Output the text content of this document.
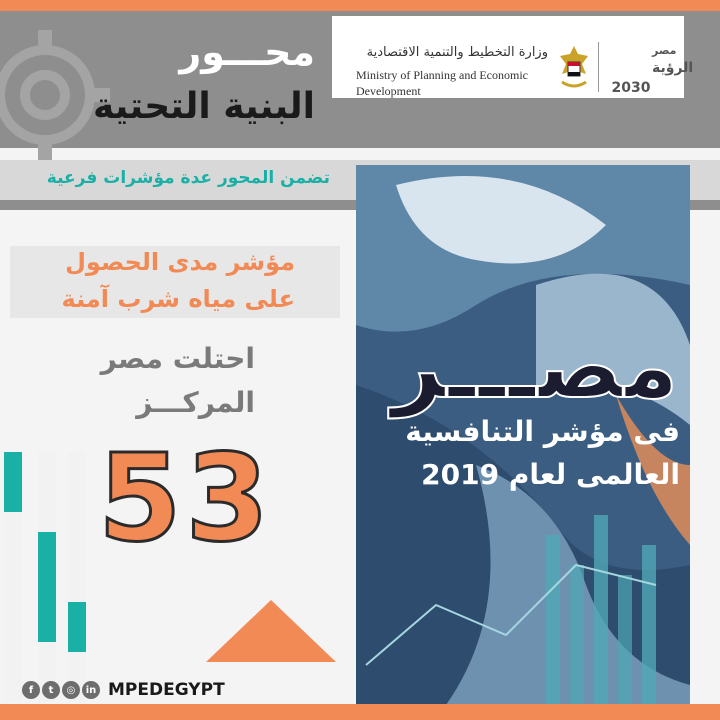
محـــور
البنية التحتية
وزارة التخطيط والتنمية الاقتصادية
Ministry of Planning and Economic Development
مصر
الرؤية
2030
تضمن المحور عدة مؤشرات فرعية
مؤشر مدى الحصول
على مياه شرب آمنة
احتلت مصر
المركـــز
53
مصـــر
فى مؤشر التنافسية
العالمى لعام 2019
f	t	◎	in MPEDEGYPT
